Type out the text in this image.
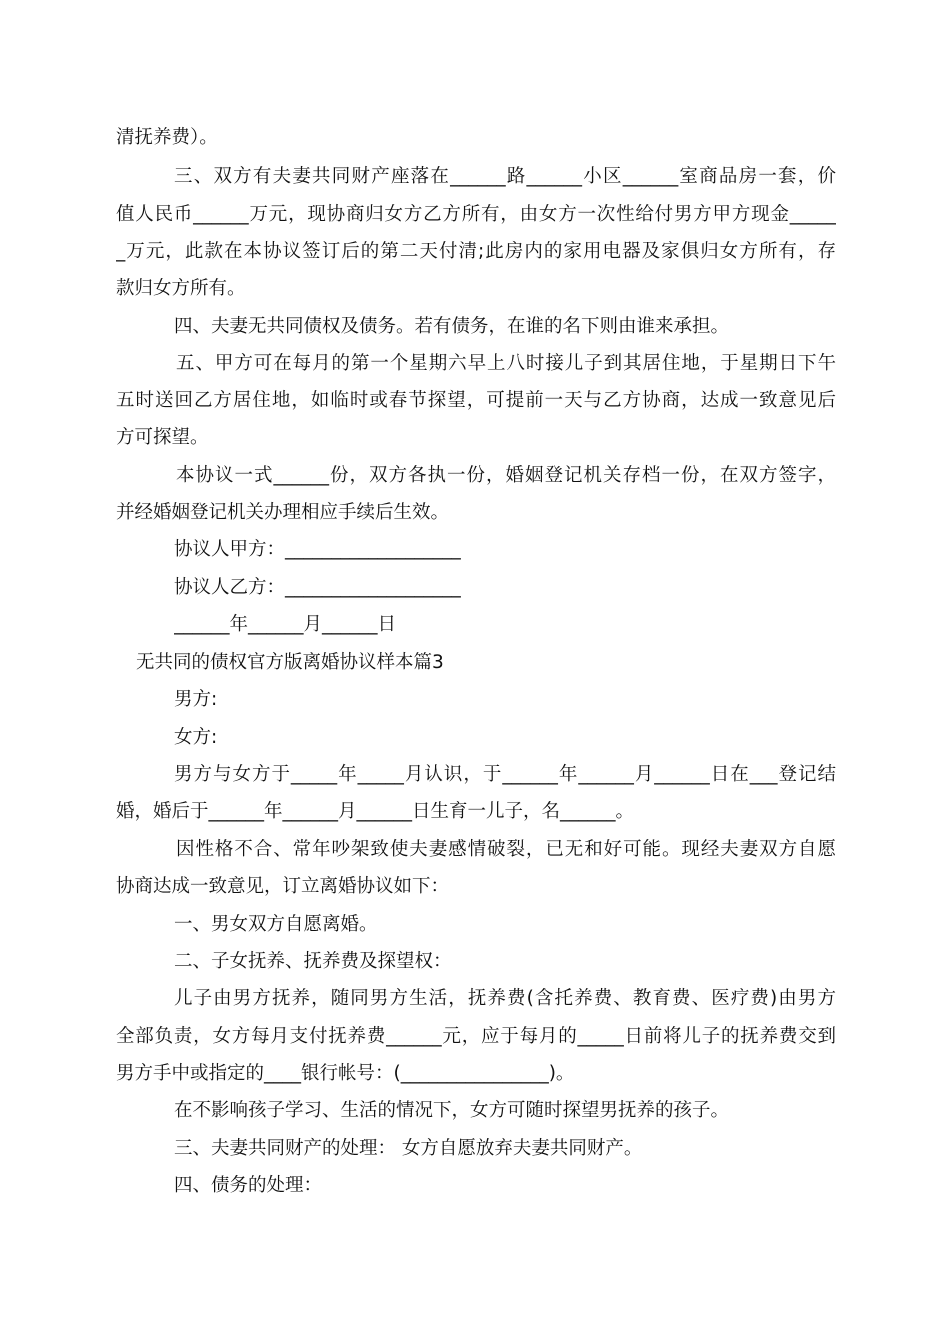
清抚养费）。
三、双方有夫妻共同财产座落在______路______小区______室商品房一套，价
值人民币______万元，现协商归女方乙方所有，由女方一次性给付男方甲方现金_____
_万元，此款在本协议签订后的第二天付清;此房内的家用电器及家俱归女方所有，存
款归女方所有。
四、夫妻无共同债权及债务。若有债务，在谁的名下则由谁来承担。
五、甲方可在每月的第一个星期六早上八时接儿子到其居住地，于星期日下午
五时送回乙方居住地，如临时或春节探望，可提前一天与乙方协商，达成一致意见后
方可探望。
本协议一式______份，双方各执一份，婚姻登记机关存档一份，在双方签字，
并经婚姻登记机关办理相应手续后生效。
协议人甲方：___________________
协议人乙方：___________________
______年______月______日
无共同的债权官方版离婚协议样本篇3
男方:
女方:
男方与女方于_____年_____月认识，于______年______月______日在___登记结
婚，婚后于______年______月______日生育一儿子，名______。
因性格不合、常年吵架致使夫妻感情破裂，已无和好可能。现经夫妻双方自愿
协商达成一致意见，订立离婚协议如下：
一、男女双方自愿离婚。
二、子女抚养、抚养费及探望权：
儿子由男方抚养，随同男方生活，抚养费(含托养费、教育费、医疗费)由男方
全部负责，女方每月支付抚养费______元，应于每月的_____日前将儿子的抚养费交到
男方手中或指定的____银行帐号：(________________)。
在不影响孩子学习、生活的情况下，女方可随时探望男抚养的孩子。
三、夫妻共同财产的处理： 女方自愿放弃夫妻共同财产。
四、债务的处理：
